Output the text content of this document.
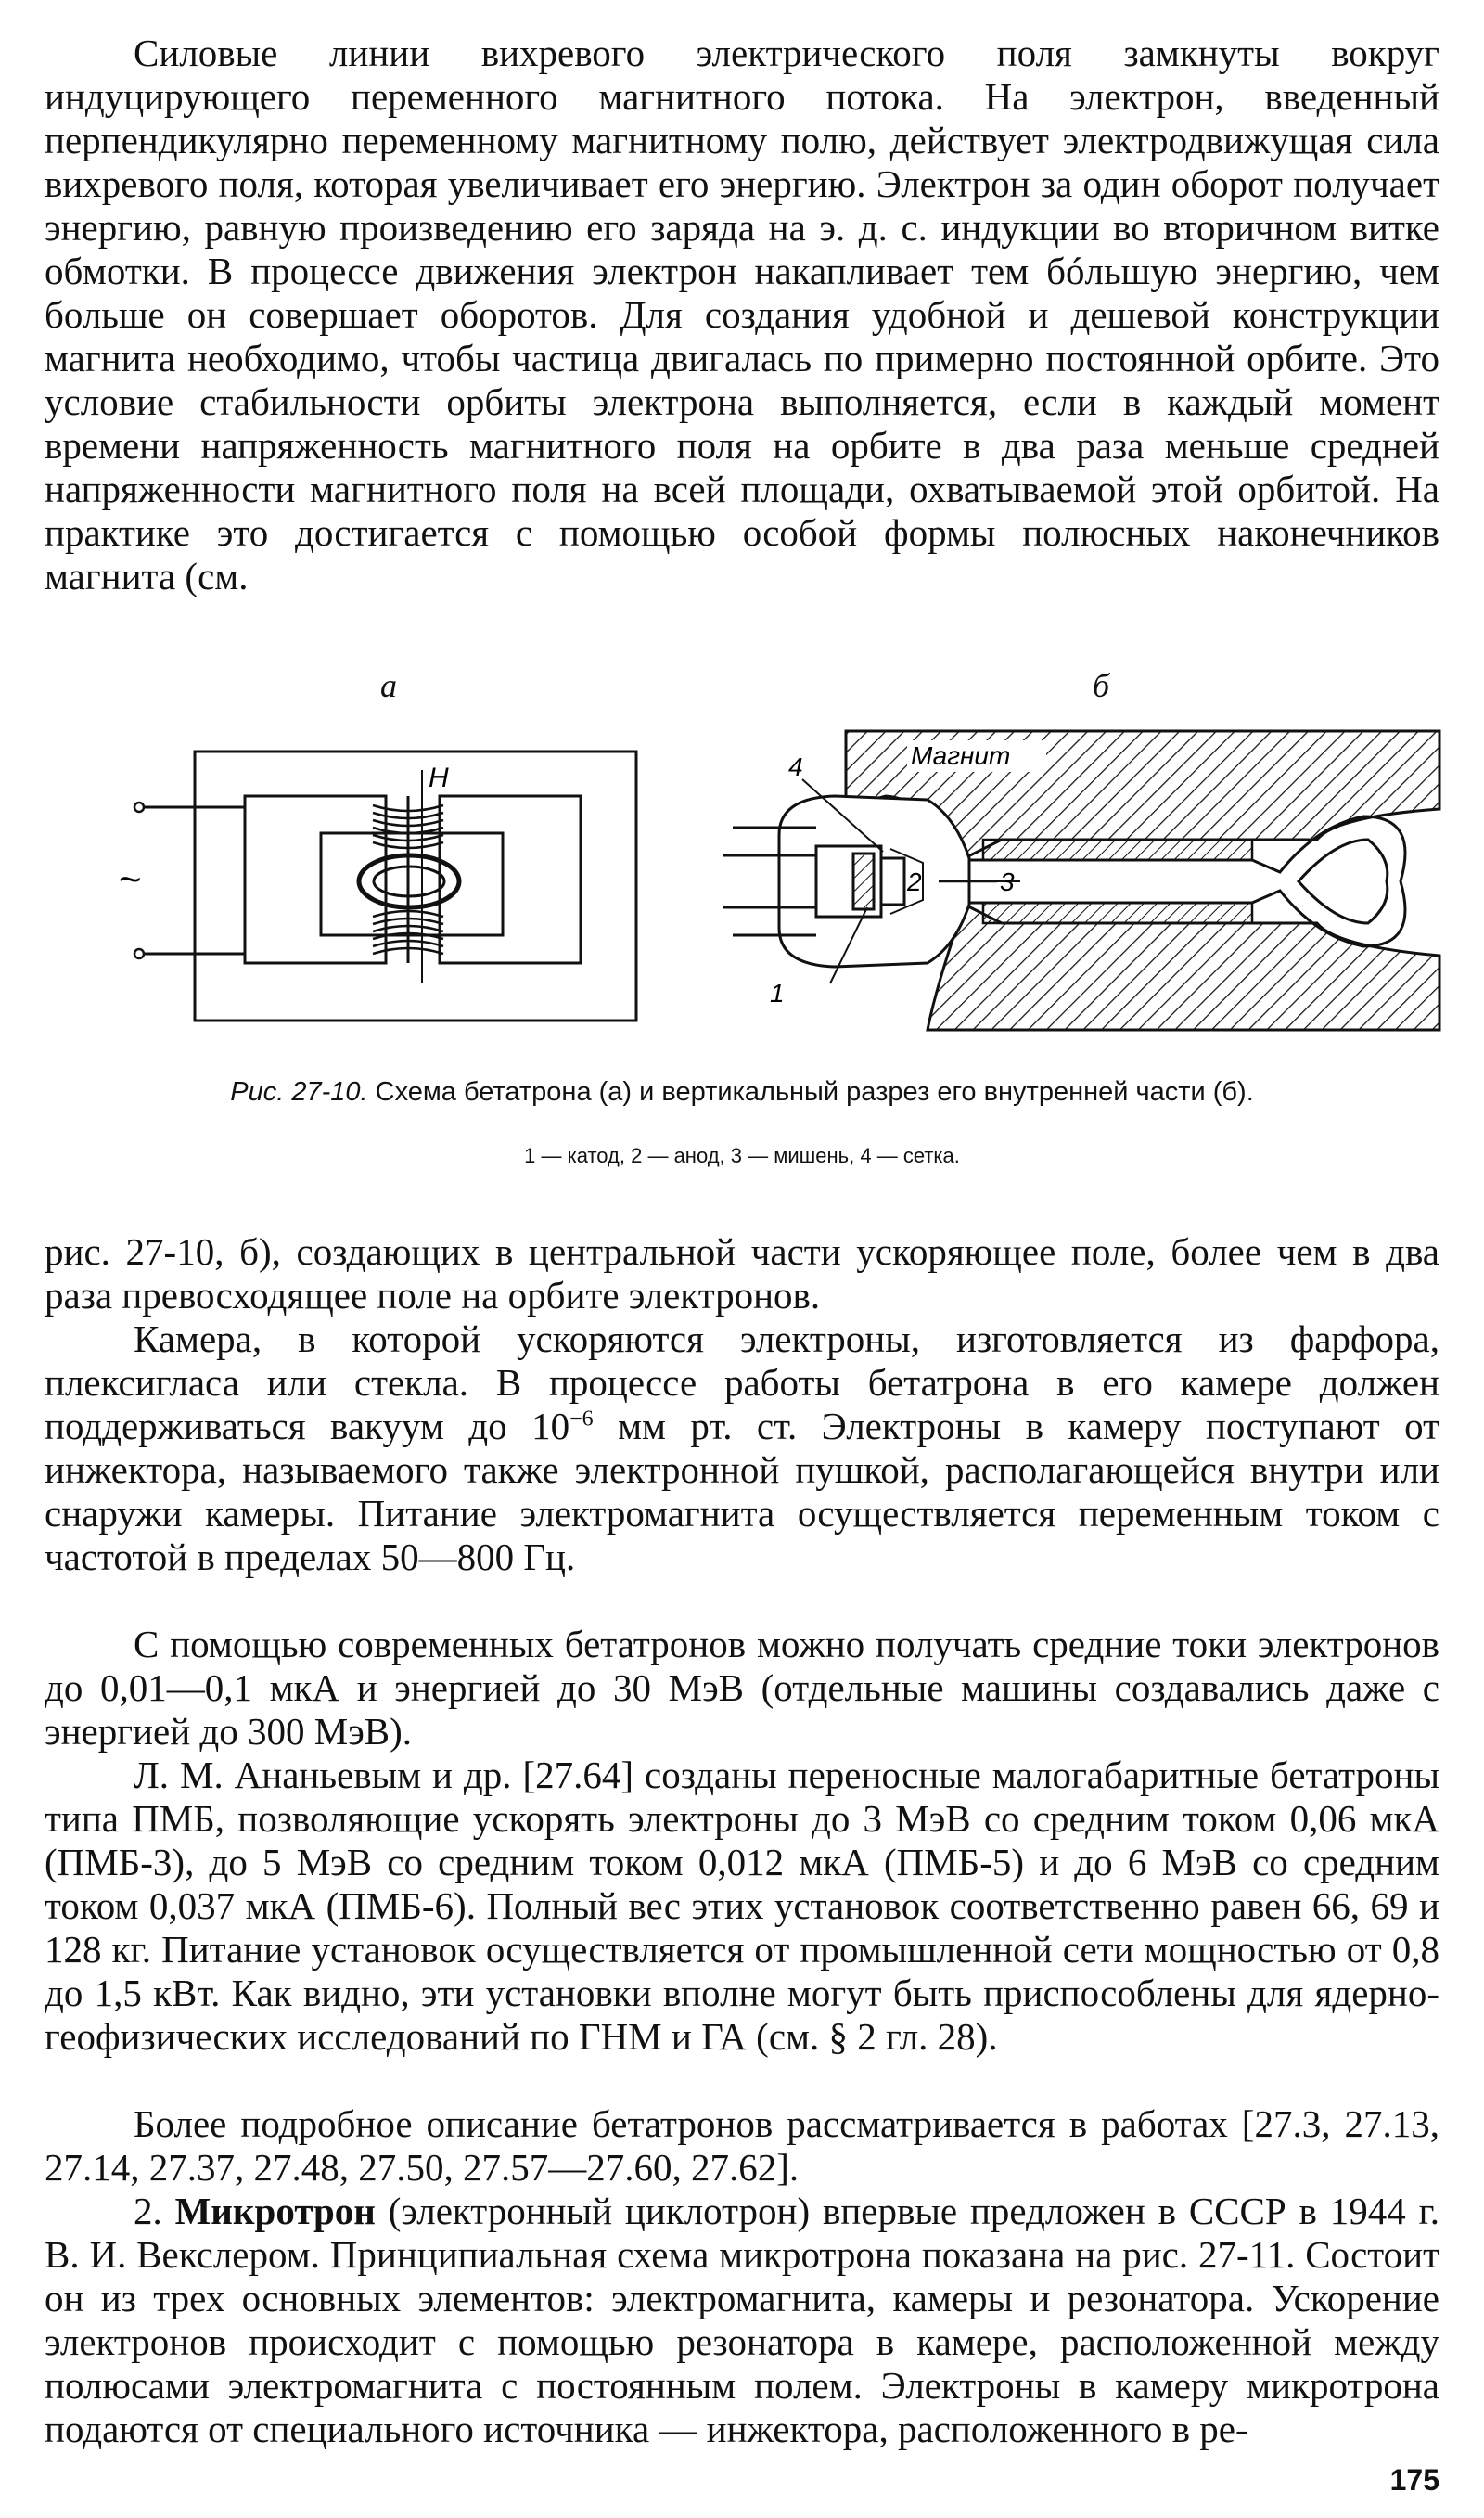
Силовые линии вихревого электрического поля замкнуты вокруг индуцирующего переменного магнитного потока. На электрон, введенный перпендикулярно переменному магнитному полю, действует электродвижущая сила вихревого поля, которая увеличивает его энергию. Электрон за один оборот получает энергию, равную произведению его заряда на э. д. с. индукции во вторичном витке обмотки. В процессе движения электрон накапливает тем бóльшую энергию, чем больше он совершает оборотов. Для создания удобной и дешевой конструкции магнита необходимо, чтобы частица двигалась по примерно постоянной орбите. Это условие стабильности орбиты электрона выполняется, если в каждый момент времени напряженность магнитного поля на орбите в два раза меньше средней напряженности магнитного поля на всей площади, охватываемой этой орбитой. На практике это достигается с помощью особой формы полюсных наконечников магнита (см.

а	б
~
H	4
1
2	3
Магнит
Рис. 27-10. Схема бетатрона (а) и вертикальный разрез его внутренней части (б).
1 — катод, 2 — анод, 3 — мишень, 4 — сетка.

рис. 27-10, б), создающих в центральной части ускоряющее поле, более чем в два раза превосходящее поле на орбите электронов.

Камера, в которой ускоряются электроны, изготовляется из фарфора, плексигласа или стекла. В процессе работы бетатрона в его камере должен поддерживаться вакуум до $10^{-6}$ мм рт. ст. Электроны в камеру поступают от инжектора, называемого также электронной пушкой, располагающейся внутри или снаружи камеры. Питание электромагнита осуществляется переменным током с частотой в пределах 50—800 Гц.

С помощью современных бетатронов можно получать средние токи электронов до 0,01—0,1 мкА и энергией до 30 МэВ (отдельные машины создавались даже с энергией до 300 МэВ).

Л. М. Ананьевым и др. [27.64] созданы переносные малогабаритные бетатроны типа ПМБ, позволяющие ускорять электроны до 3 МэВ со средним током 0,06 мкА (ПМБ-3), до 5 МэВ со средним током 0,012 мкА (ПМБ-5) и до 6 МэВ со средним током 0,037 мкА (ПМБ-6). Полный вес этих установок соответственно равен 66, 69 и 128 кг. Питание установок осуществляется от промышленной сети мощностью от 0,8 до 1,5 кВт. Как видно, эти установки вполне могут быть приспособлены для ядерно-геофизических исследований по ГНМ и ГА (см. § 2 гл. 28).

Более подробное описание бетатронов рассматривается в работах [27.3, 27.13, 27.14, 27.37, 27.48, 27.50, 27.57—27.60, 27.62].

2. Микротрон (электронный циклотрон) впервые предложен в СССР в 1944 г. В. И. Векслером. Принципиальная схема микротрона показана на рис. 27-11. Состоит он из трех основных элементов: электромагнита, камеры и резонатора. Ускорение электронов происходит с помощью резонатора в камере, расположенной между полюсами электромагнита с постоянным полем. Электроны в камеру микротрона подаются от специального источника — инжектора, расположенного в ре-

175
